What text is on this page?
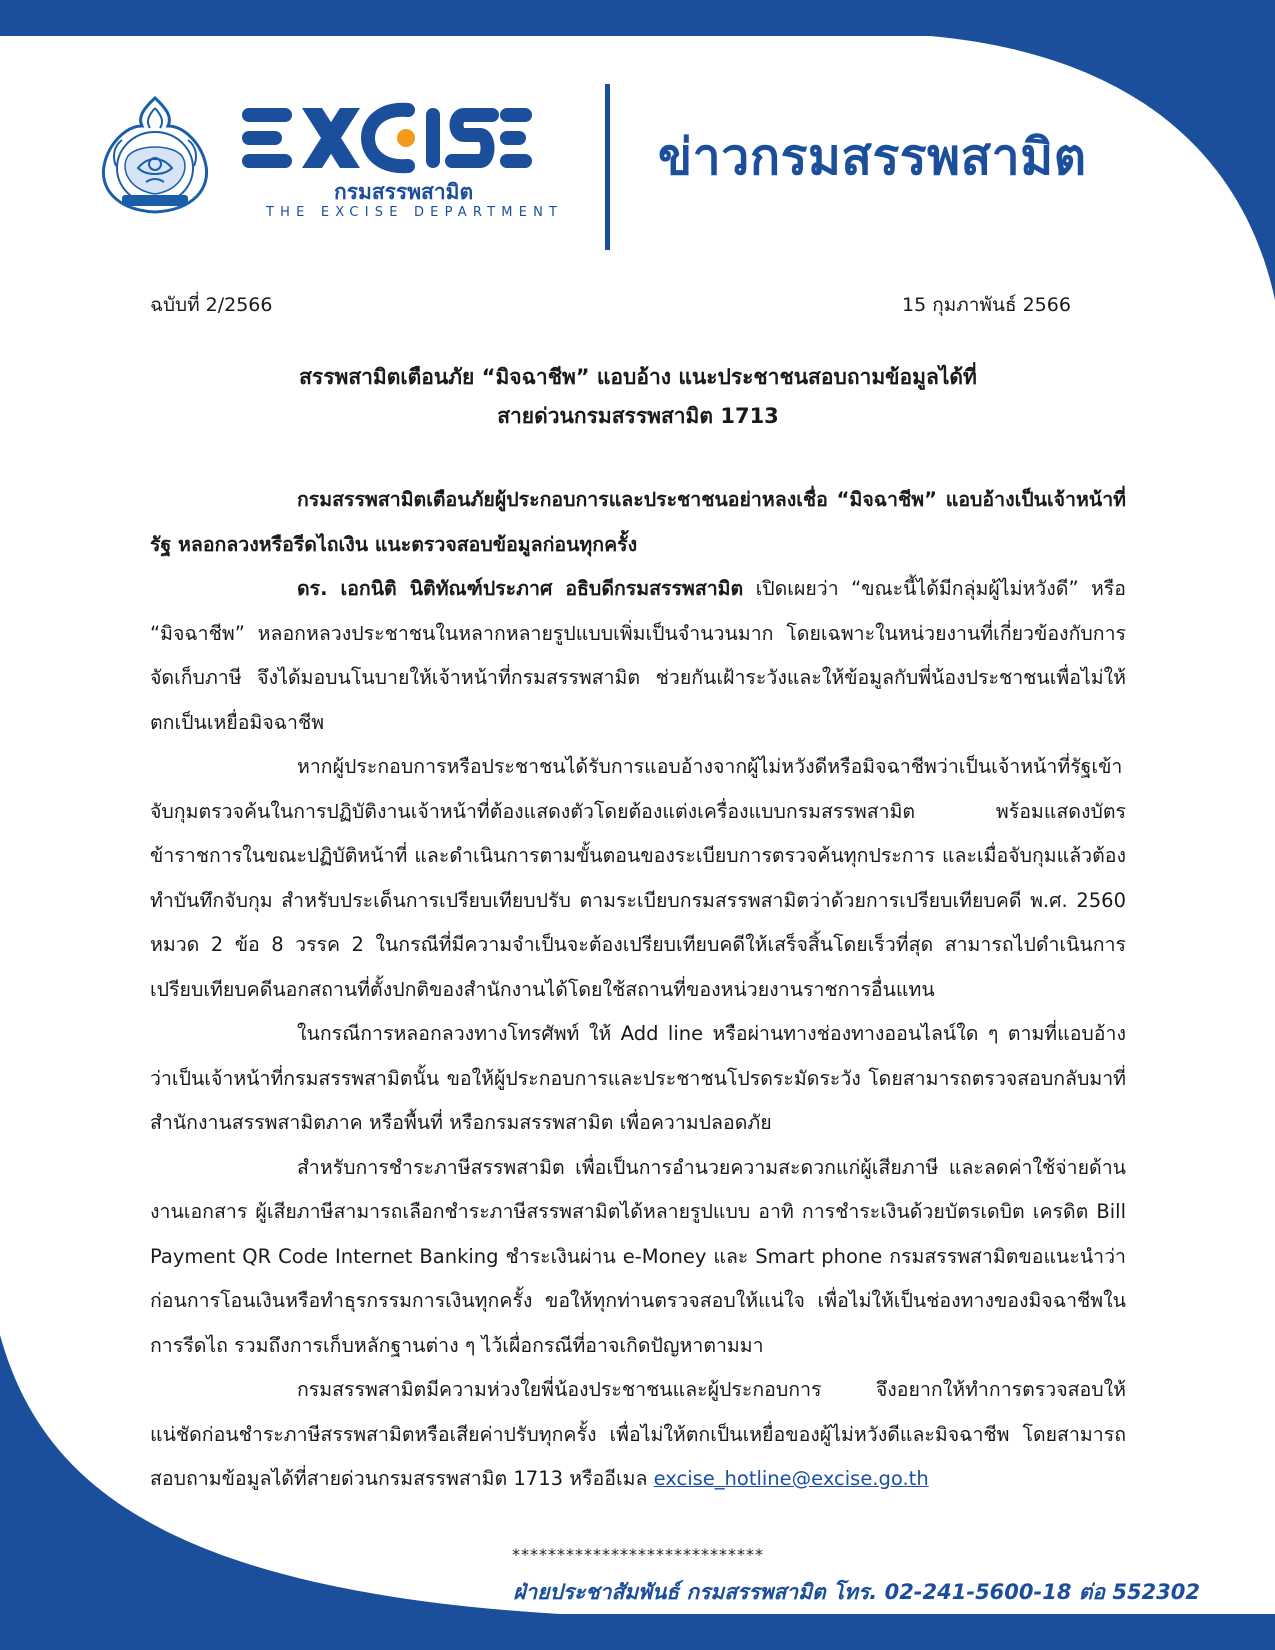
กรมสรรพสามิต
THE EXCISE DEPARTMENT
ข่าวกรมสรรพสามิต
ฉบับที่ 2/2566	15 กุมภาพันธ์ 2566
สรรพสามิตเตือนภัย “มิจฉาชีพ” แอบอ้าง แนะประชาชนสอบถามข้อมูลได้ที่
สายด่วนกรมสรรพสามิต 1713

กรมสรรพสามิตเตือนภัยผู้ประกอบการและประชาชนอย่าหลงเชื่อ “มิจฉาชีพ” แอบอ้างเป็นเจ้าหน้าที่รัฐ หลอกลวงหรือรีดไถเงิน แนะตรวจสอบข้อมูลก่อนทุกครั้ง

ดร. เอกนิติ นิติทัณฑ์ประภาศ อธิบดีกรมสรรพสามิต เปิดเผยว่า “ขณะนี้ได้มีกลุ่มผู้ไม่หวังดี” หรือ “มิจฉาชีพ” หลอกหลวงประชาชนในหลากหลายรูปแบบเพิ่มเป็นจำนวนมาก โดยเฉพาะในหน่วยงานที่เกี่ยวข้องกับการจัดเก็บภาษี จึงได้มอบนโนบายให้เจ้าหน้าที่กรมสรรพสามิต ช่วยกันเฝ้าระวังและให้ข้อมูลกับพี่น้องประชาชนเพื่อไม่ให้ตกเป็นเหยื่อมิจฉาชีพ

หากผู้ประกอบการหรือประชาชนได้รับการแอบอ้างจากผู้ไม่หวังดีหรือมิจฉาชีพว่าเป็นเจ้าหน้าที่รัฐเข้าจับกุมตรวจค้นในการปฏิบัติงานเจ้าหน้าที่ต้องแสดงตัวโดยต้องแต่งเครื่องแบบกรมสรรพสามิต พร้อมแสดงบัตรข้าราชการในขณะปฏิบัติหน้าที่ และดำเนินการตามขั้นตอนของระเบียบการตรวจค้นทุกประการ และเมื่อจับกุมแล้วต้องทำบันทึกจับกุม สำหรับประเด็นการเปรียบเทียบปรับ ตามระเบียบกรมสรรพสามิตว่าด้วยการเปรียบเทียบคดี พ.ศ. 2560 หมวด 2 ข้อ 8 วรรค 2 ในกรณีที่มีความจำเป็นจะต้องเปรียบเทียบคดีให้เสร็จสิ้นโดยเร็วที่สุด สามารถไปดำเนินการเปรียบเทียบคดีนอกสถานที่ตั้งปกติของสำนักงานได้โดยใช้สถานที่ของหน่วยงานราชการอื่นแทน

ในกรณีการหลอกลวงทางโทรศัพท์ ให้ Add line หรือผ่านทางช่องทางออนไลน์ใด ๆ ตามที่แอบอ้างว่าเป็นเจ้าหน้าที่กรมสรรพสามิตนั้น ขอให้ผู้ประกอบการและประชาชนโปรดระมัดระวัง โดยสามารถตรวจสอบกลับมาที่สำนักงานสรรพสามิตภาค หรือพื้นที่ หรือกรมสรรพสามิต เพื่อความปลอดภัย

สำหรับการชำระภาษีสรรพสามิต เพื่อเป็นการอำนวยความสะดวกแก่ผู้เสียภาษี และลดค่าใช้จ่ายด้านงานเอกสาร ผู้เสียภาษีสามารถเลือกชำระภาษีสรรพสามิตได้หลายรูปแบบ อาทิ การชำระเงินด้วยบัตรเดบิต เครดิต Bill Payment QR Code Internet Banking ชำระเงินผ่าน e-Money และ Smart phone กรมสรรพสามิตขอแนะนำว่าก่อนการโอนเงินหรือทำธุรกรรมการเงินทุกครั้ง ขอให้ทุกท่านตรวจสอบให้แน่ใจ เพื่อไม่ให้เป็นช่องทางของมิจฉาชีพในการรีดไถ รวมถึงการเก็บหลักฐานต่าง ๆ ไว้เผื่อกรณีที่อาจเกิดปัญหาตามมา

กรมสรรพสามิตมีความห่วงใยพี่น้องประชาชนและผู้ประกอบการ จึงอยากให้ทำการตรวจสอบให้แน่ชัดก่อนชำระภาษีสรรพสามิตหรือเสียค่าปรับทุกครั้ง เพื่อไม่ให้ตกเป็นเหยื่อของผู้ไม่หวังดีและมิจฉาชีพ โดยสามารถสอบถามข้อมูลได้ที่สายด่วนกรมสรรพสามิต 1713 หรืออีเมล excise_hotline@excise.go.th

****************************
ฝ่ายประชาสัมพันธ์ กรมสรรพสามิต โทร. 02-241-5600-18 ต่อ 552302
